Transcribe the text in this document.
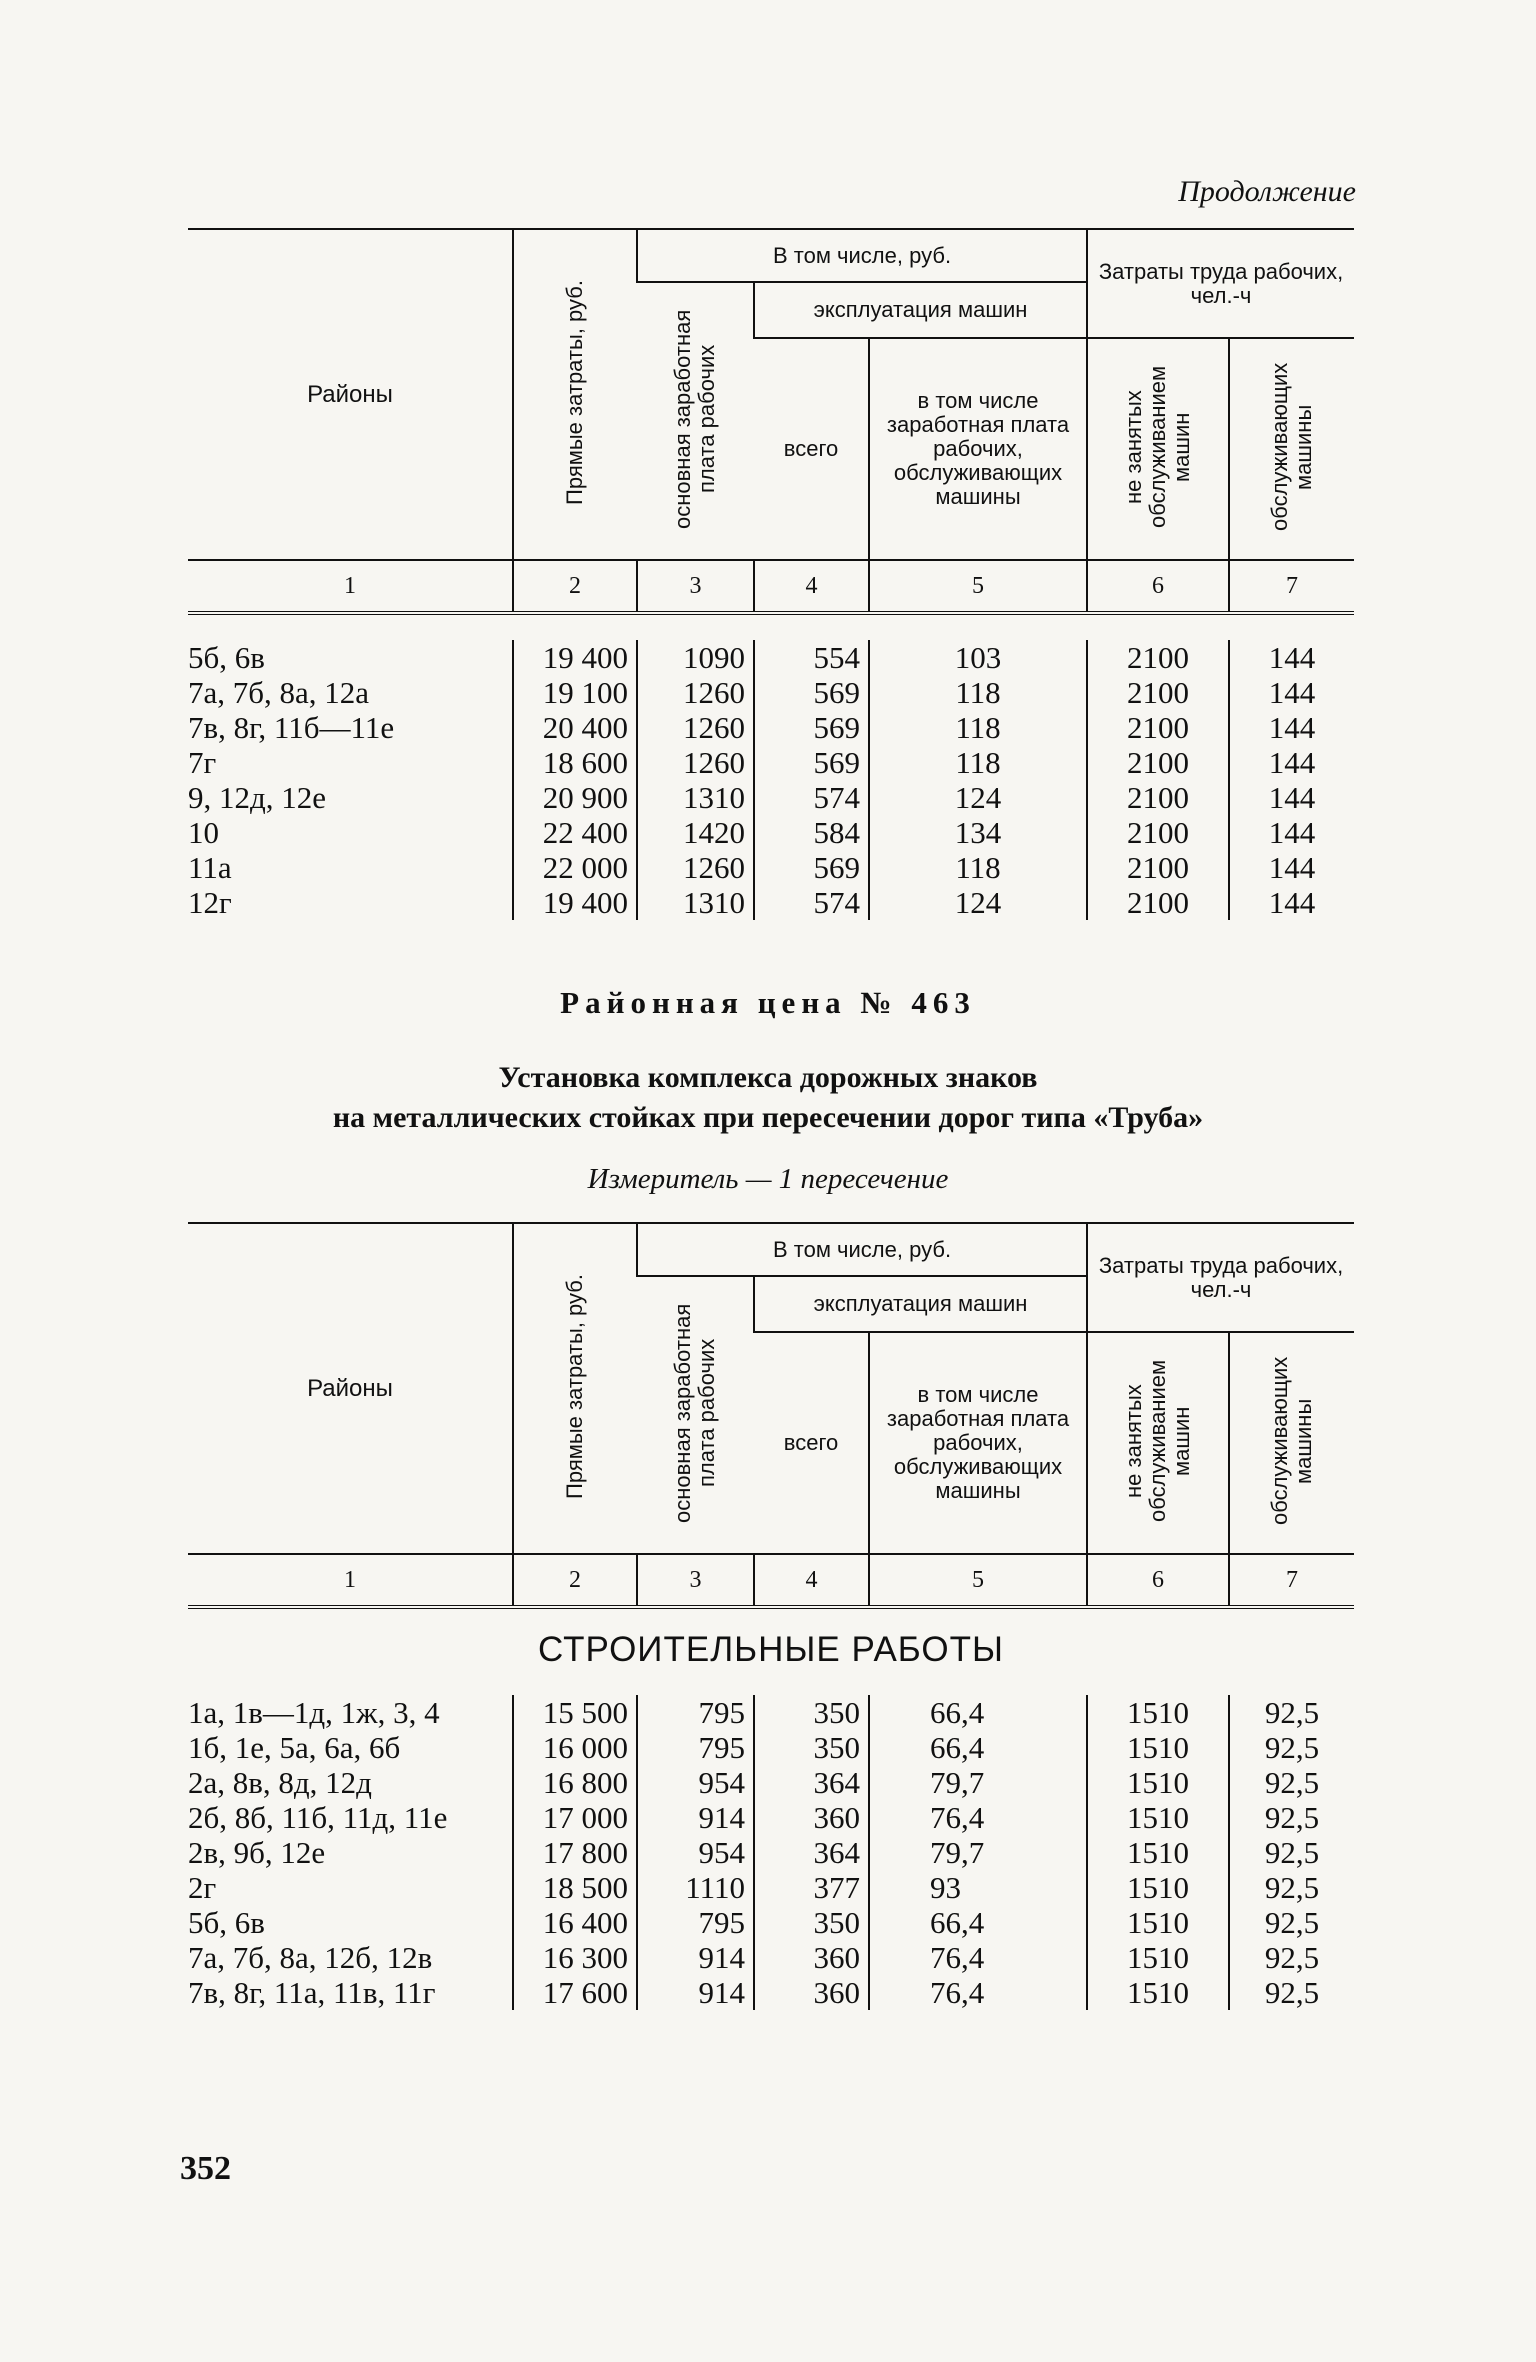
Продолжение
Районы	Прямые затраты, руб.	В том числе, руб.			Затраты труда рабочих, чел.-ч	
		основная заработная плата рабочих	эксплуатация машин			
			всего	в том числе заработная плата рабочих, обслуживающих машины	не занятых обслуживанием машин	обслуживающих машины
1	2	3	4	5	6	7
5б, 6в	19 400	1090	554	103	2100	144
7а, 7б, 8а, 12а	19 100	1260	569	118	2100	144
7в, 8г, 11б—11е	20 400	1260	569	118	2100	144
7г	18 600	1260	569	118	2100	144
9, 12д, 12е	20 900	1310	574	124	2100	144
10	22 400	1420	584	134	2100	144
11а	22 000	1260	569	118	2100	144
12г	19 400	1310	574	124	2100	144
Районная цена № 463
Установка комплекса дорожных знаков
на металлических стойках при пересечении дорог типа «Труба»
Измеритель — 1 пересечение
Районы	Прямые затраты, руб.	В том числе, руб.			Затраты труда рабочих, чел.-ч	
		основная заработная плата рабочих	эксплуатация машин			
			всего	в том числе заработная плата рабочих, обслуживающих машины	не занятых обслуживанием машин	обслуживающих машины
1	2	3	4	5	6	7
СТРОИТЕЛЬНЫЕ РАБОТЫ
1а, 1в—1д, 1ж, 3, 4	15 500	795	350	66,4	1510	92,5
1б, 1е, 5а, 6а, 6б	16 000	795	350	66,4	1510	92,5
2а, 8в, 8д, 12д	16 800	954	364	79,7	1510	92,5
2б, 8б, 11б, 11д, 11е	17 000	914	360	76,4	1510	92,5
2в, 9б, 12е	17 800	954	364	79,7	1510	92,5
2г	18 500	1110	377	93	1510	92,5
5б, 6в	16 400	795	350	66,4	1510	92,5
7а, 7б, 8а, 12б, 12в	16 300	914	360	76,4	1510	92,5
7в, 8г, 11а, 11в, 11г	17 600	914	360	76,4	1510	92,5
352
